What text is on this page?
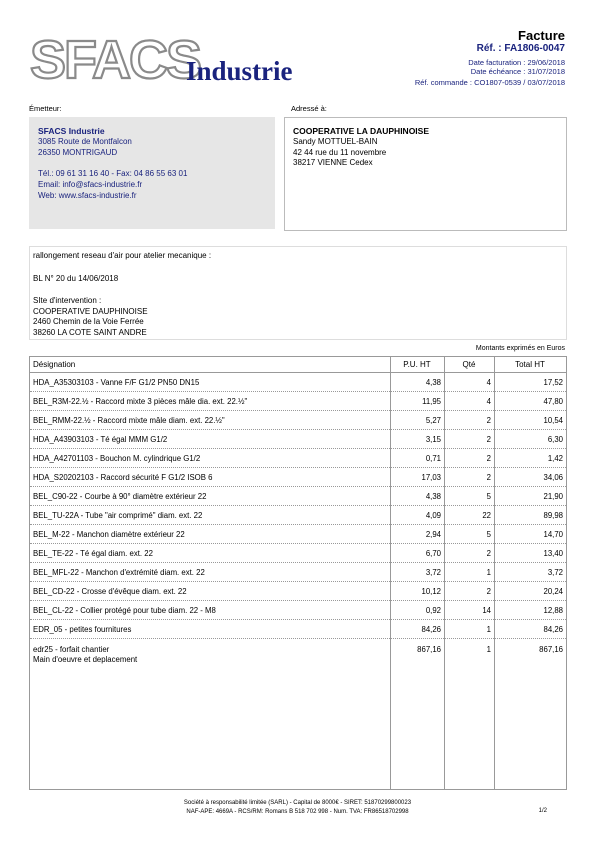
SFACS
Industrie
Facture
Réf. : FA1806-0047
Date facturation : 29/06/2018
Date échéance : 31/07/2018
Réf. commande : CO1807-0539 / 03/07/2018
Émetteur:	Adressé à:
SFACS Industrie
3085 Route de Montfalcon
26350 MONTRIGAUD
Tél.: 09 61 31 16 40 - Fax: 04 86 55 63 01
Email: info@sfacs-industrie.fr
Web: www.sfacs-industrie.fr
COOPERATIVE LA DAUPHINOISE
Sandy MOTTUEL-BAIN
42 44 rue du 11 novembre
38217 VIENNE Cedex
rallongement reseau d'air pour atelier mecanique :
BL N° 20 du 14/06/2018
SIte d'intervention :
COOPERATIVE DAUPHINOISE
2460 Chemin de la Voie Ferrée
38260 LA COTE SAINT ANDRE
Montants exprimés en Euros
Désignation	P.U. HT	Qté	Total HT
HDA_A35303103 - Vanne F/F G1/2 PN50 DN15	4,38	4	17,52
BEL_R3M-22.½ - Raccord mixte 3 pièces mâle dia. ext. 22.½"	11,95	4	47,80
BEL_RMM-22.½ - Raccord mixte mâle diam. ext. 22.½"	5,27	2	10,54
HDA_A43903103 - Té égal MMM G1/2	3,15	2	6,30
HDA_A42701103 - Bouchon M. cylindrique G1/2	0,71	2	1,42
HDA_S20202103 - Raccord sécurité F G1/2 ISOB 6	17,03	2	34,06
BEL_C90-22 - Courbe à 90° diamètre extérieur 22	4,38	5	21,90
BEL_TU-22A - Tube "air comprimé" diam. ext. 22	4,09	22	89,98
BEL_M-22 - Manchon diamètre extérieur 22	2,94	5	14,70
BEL_TE-22 - Té égal diam. ext. 22	6,70	2	13,40
BEL_MFL-22 - Manchon d'extrémité diam. ext. 22	3,72	1	3,72
BEL_CD-22 - Crosse d'évêque diam. ext. 22	10,12	2	20,24
BEL_CL-22 - Collier protégé pour tube diam. 22 - M8	0,92	14	12,88
EDR_05 - petites fournitures	84,26	1	84,26
edr25 - forfait chantier
Main d'oeuvre et deplacement
867,16	1	867,16
Société à responsabilité limitée (SARL) - Capital de 8000€ - SIRET: 51870299800023
NAF-APE: 4669A - RCS/RM: Romans B 518 702 998 - Num. TVA: FR86518702998	1/2
